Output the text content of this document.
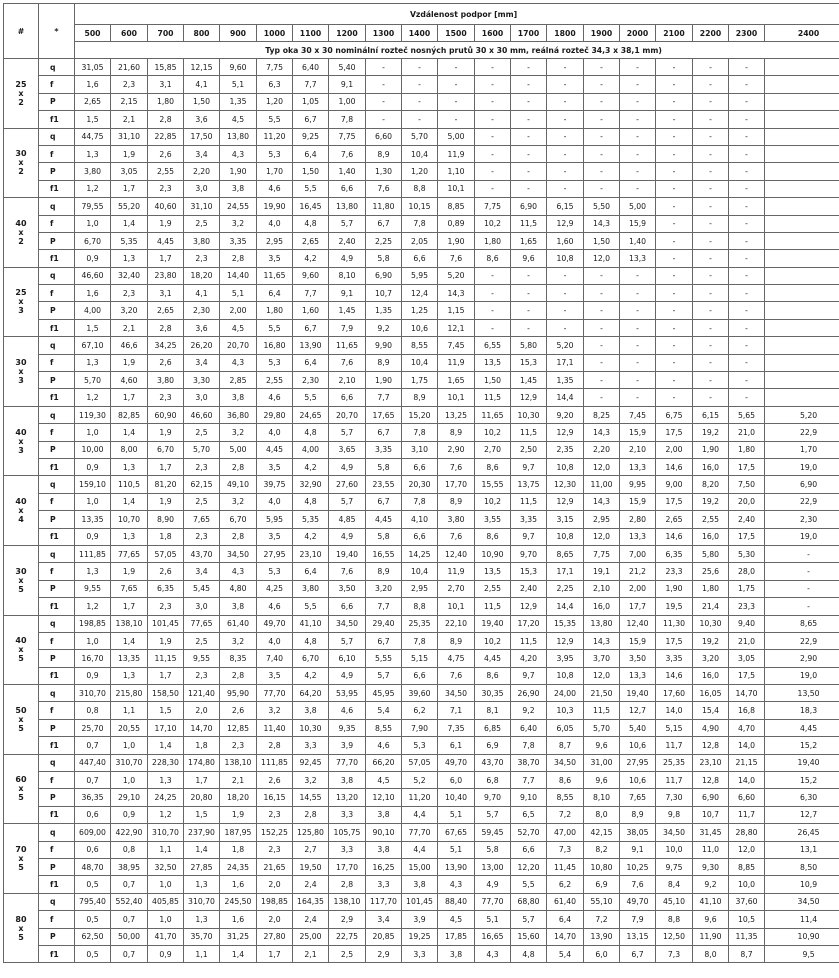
#	*	Vzdálenost podpor [mm]																			
		500	600	700	800	900	1000	1100	1200	1300	1400	1500	1600	1700	1800	1900	2000	2100	2200	2300	2400
		Typ oka 30 x 30 nominální rozteč nosných prutů 30 x 30 mm, reálná rozteč 34,3 x 38,1 mm)																			

25
x
2	q	31,05	21,60	15,85	12,15	9,60	7,75	6,40	5,40	-	-	-	-	-	-	-	-	-	-	-	
	f	1,6	2,3	3,1	4,1	5,1	6,3	7,7	9,1	-	-	-	-	-	-	-	-	-	-	-	
	P	2,65	2,15	1,80	1,50	1,35	1,20	1,05	1,00	-	-	-	-	-	-	-	-	-	-	-	
	f1	1,5	2,1	2,8	3,6	4,5	5,5	6,7	7,8	-	-	-	-	-	-	-	-	-	-	-	

30
x
2	q	44,75	31,10	22,85	17,50	13,80	11,20	9,25	7,75	6,60	5,70	5,00	-	-	-	-	-	-	-	-	
	f	1,3	1,9	2,6	3,4	4,3	5,3	6,4	7,6	8,9	10,4	11,9	-	-	-	-	-	-	-	-	
	P	3,80	3,05	2,55	2,20	1,90	1,70	1,50	1,40	1,30	1,20	1,10	-	-	-	-	-	-	-	-	
	f1	1,2	1,7	2,3	3,0	3,8	4,6	5,5	6,6	7,6	8,8	10,1	-	-	-	-	-	-	-	-	

40
x
2	q	79,55	55,20	40,60	31,10	24,55	19,90	16,45	13,80	11,80	10,15	8,85	7,75	6,90	6,15	5,50	5,00	-	-	-	
	f	1,0	1,4	1,9	2,5	3,2	4,0	4,8	5,7	6,7	7,8	0,89	10,2	11,5	12,9	14,3	15,9	-	-	-	
	P	6,70	5,35	4,45	3,80	3,35	2,95	2,65	2,40	2,25	2,05	1,90	1,80	1,65	1,60	1,50	1,40	-	-	-	
	f1	0,9	1,3	1,7	2,3	2,8	3,5	4,2	4,9	5,8	6,6	7,6	8,6	9,6	10,8	12,0	13,3	-	-	-	

25
x
3	q	46,60	32,40	23,80	18,20	14,40	11,65	9,60	8,10	6,90	5,95	5,20	-	-	-	-	-	-	-	-	
	f	1,6	2,3	3,1	4,1	5,1	6,4	7,7	9,1	10,7	12,4	14,3	-	-	-	-	-	-	-	-	
	P	4,00	3,20	2,65	2,30	2,00	1,80	1,60	1,45	1,35	1,25	1,15	-	-	-	-	-	-	-	-	
	f1	1,5	2,1	2,8	3,6	4,5	5,5	6,7	7,9	9,2	10,6	12,1	-	-	-	-	-	-	-	-	

30
x
3	q	67,10	46,6	34,25	26,20	20,70	16,80	13,90	11,65	9,90	8,55	7,45	6,55	5,80	5,20	-	-	-	-	-	
	f	1,3	1,9	2,6	3,4	4,3	5,3	6,4	7,6	8,9	10,4	11,9	13,5	15,3	17,1	-	-	-	-	-	
	P	5,70	4,60	3,80	3,30	2,85	2,55	2,30	2,10	1,90	1,75	1,65	1,50	1,45	1,35	-	-	-	-	-	
	f1	1,2	1,7	2,3	3,0	3,8	4,6	5,5	6,6	7,7	8,9	10,1	11,5	12,9	14,4	-	-	-	-	-	

40
x
3	q	119,30	82,85	60,90	46,60	36,80	29,80	24,65	20,70	17,65	15,20	13,25	11,65	10,30	9,20	8,25	7,45	6,75	6,15	5,65	5,20
	f	1,0	1,4	1,9	2,5	3,2	4,0	4,8	5,7	6,7	7,8	8,9	10,2	11,5	12,9	14,3	15,9	17,5	19,2	21,0	22,9
	P	10,00	8,00	6,70	5,70	5,00	4,45	4,00	3,65	3,35	3,10	2,90	2,70	2,50	2,35	2,20	2,10	2,00	1,90	1,80	1,70
	f1	0,9	1,3	1,7	2,3	2,8	3,5	4,2	4,9	5,8	6,6	7,6	8,6	9,7	10,8	12,0	13,3	14,6	16,0	17,5	19,0

40
x
4	q	159,10	110,5	81,20	62,15	49,10	39,75	32,90	27,60	23,55	20,30	17,70	15,55	13,75	12,30	11,00	9,95	9,00	8,20	7,50	6,90
	f	1,0	1,4	1,9	2,5	3,2	4,0	4,8	5,7	6,7	7,8	8,9	10,2	11,5	12,9	14,3	15,9	17,5	19,2	20,0	22,9
	P	13,35	10,70	8,90	7,65	6,70	5,95	5,35	4,85	4,45	4,10	3,80	3,55	3,35	3,15	2,95	2,80	2,65	2,55	2,40	2,30
	f1	0,9	1,3	1,8	2,3	2,8	3,5	4,2	4,9	5,8	6,6	7,6	8,6	9,7	10,8	12,0	13,3	14,6	16,0	17,5	19,0

30
x
5	q	111,85	77,65	57,05	43,70	34,50	27,95	23,10	19,40	16,55	14,25	12,40	10,90	9,70	8,65	7,75	7,00	6,35	5,80	5,30	-
	f	1,3	1,9	2,6	3,4	4,3	5,3	6,4	7,6	8,9	10,4	11,9	13,5	15,3	17,1	19,1	21,2	23,3	25,6	28,0	-
	P	9,55	7,65	6,35	5,45	4,80	4,25	3,80	3,50	3,20	2,95	2,70	2,55	2,40	2,25	2,10	2,00	1,90	1,80	1,75	-
	f1	1,2	1,7	2,3	3,0	3,8	4,6	5,5	6,6	7,7	8,8	10,1	11,5	12,9	14,4	16,0	17,7	19,5	21,4	23,3	-

40
x
5	q	198,85	138,10	101,45	77,65	61,40	49,70	41,10	34,50	29,40	25,35	22,10	19,40	17,20	15,35	13,80	12,40	11,30	10,30	9,40	8,65
	f	1,0	1,4	1,9	2,5	3,2	4,0	4,8	5,7	6,7	7,8	8,9	10,2	11,5	12,9	14,3	15,9	17,5	19,2	21,0	22,9
	P	16,70	13,35	11,15	9,55	8,35	7,40	6,70	6,10	5,55	5,15	4,75	4,45	4,20	3,95	3,70	3,50	3,35	3,20	3,05	2,90
	f1	0,9	1,3	1,7	2,3	2,8	3,5	4,2	4,9	5,7	6,6	7,6	8,6	9,7	10,8	12,0	13,3	14,6	16,0	17,5	19,0

50
x
5	q	310,70	215,80	158,50	121,40	95,90	77,70	64,20	53,95	45,95	39,60	34,50	30,35	26,90	24,00	21,50	19,40	17,60	16,05	14,70	13,50
	f	0,8	1,1	1,5	2,0	2,6	3,2	3,8	4,6	5,4	6,2	7,1	8,1	9,2	10,3	11,5	12,7	14,0	15,4	16,8	18,3
	P	25,70	20,55	17,10	14,70	12,85	11,40	10,30	9,35	8,55	7,90	7,35	6,85	6,40	6,05	5,70	5,40	5,15	4,90	4,70	4,45
	f1	0,7	1,0	1,4	1,8	2,3	2,8	3,3	3,9	4,6	5,3	6,1	6,9	7,8	8,7	9,6	10,6	11,7	12,8	14,0	15,2

60
x
5	q	447,40	310,70	228,30	174,80	138,10	111,85	92,45	77,70	66,20	57,05	49,70	43,70	38,70	34,50	31,00	27,95	25,35	23,10	21,15	19,40
	f	0,7	1,0	1,3	1,7	2,1	2,6	3,2	3,8	4,5	5,2	6,0	6,8	7,7	8,6	9,6	10,6	11,7	12,8	14,0	15,2
	P	36,35	29,10	24,25	20,80	18,20	16,15	14,55	13,20	12,10	11,20	10,40	9,70	9,10	8,55	8,10	7,65	7,30	6,90	6,60	6,30
	f1	0,6	0,9	1,2	1,5	1,9	2,3	2,8	3,3	3,8	4,4	5,1	5,7	6,5	7,2	8,0	8,9	9,8	10,7	11,7	12,7

70
x
5	q	609,00	422,90	310,70	237,90	187,95	152,25	125,80	105,75	90,10	77,70	67,65	59,45	52,70	47,00	42,15	38,05	34,50	31,45	28,80	26,45
	f	0,6	0,8	1,1	1,4	1,8	2,3	2,7	3,3	3,8	4,4	5,1	5,8	6,6	7,3	8,2	9,1	10,0	11,0	12,0	13,1
	P	48,70	38,95	32,50	27,85	24,35	21,65	19,50	17,70	16,25	15,00	13,90	13,00	12,20	11,45	10,80	10,25	9,75	9,30	8,85	8,50
	f1	0,5	0,7	1,0	1,3	1,6	2,0	2,4	2,8	3,3	3,8	4,3	4,9	5,5	6,2	6,9	7,6	8,4	9,2	10,0	10,9

80
x
5	q	795,40	552,40	405,85	310,70	245,50	198,85	164,35	138,10	117,70	101,45	88,40	77,70	68,80	61,40	55,10	49,70	45,10	41,10	37,60	34,50
	f	0,5	0,7	1,0	1,3	1,6	2,0	2,4	2,9	3,4	3,9	4,5	5,1	5,7	6,4	7,2	7,9	8,8	9,6	10,5	11,4
	P	62,50	50,00	41,70	35,70	31,25	27,80	25,00	22,75	20,85	19,25	17,85	16,65	15,60	14,70	13,90	13,15	12,50	11,90	11,35	10,90
	f1	0,5	0,7	0,9	1,1	1,4	1,7	2,1	2,5	2,9	3,3	3,8	4,3	4,8	5,4	6,0	6,7	7,3	8,0	8,7	9,5
